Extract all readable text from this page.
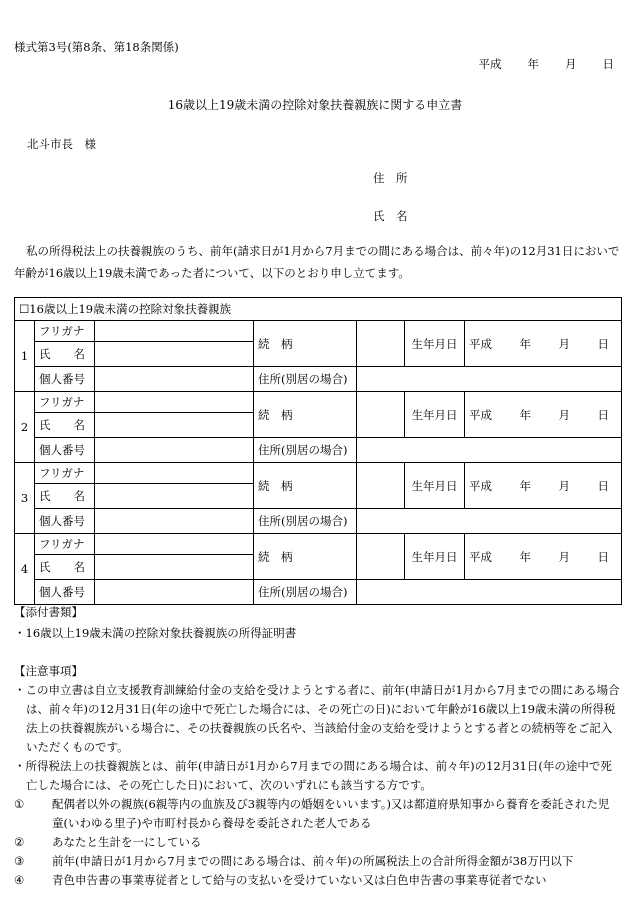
様式第3号(第8条、第18条関係)
平成 年 月 日
16歳以上19歳未満の控除対象扶養親族に関する申立書
北斗市長　様
住　所
氏　名
私の所得税法上の扶養親族のうち、前年(請求日が1月から7月までの間にある場合は、前々年)の12月31日においで年齢が16歳以上19歳未満であった者について、以下のとおり申し立てます。
☐16歳以上19歳未満の控除対象扶養親族						
1	フリガナ		続　柄		生年月日	平成 年 月 日

	氏　　名					
	個人番号		住所(別居の場合)			
2	フリガナ		続　柄		生年月日	平成 年 月 日

	氏　　名					
	個人番号		住所(別居の場合)			
3	フリガナ		続　柄		生年月日	平成 年 月 日

	氏　　名					
	個人番号		住所(別居の場合)			
4	フリガナ		続　柄		生年月日	平成 年 月 日

	氏　　名					
	個人番号		住所(別居の場合)			
【添付書類】
・16歳以上19歳未満の控除対象扶養親族の所得証明書
【注意事項】
・この申立書は自立支援教育訓練給付金の支給を受けようとする者に、前年(申請日が1月から7月までの間にある場合は、前々年)の12月31日(年の途中で死亡した場合には、その死亡の日)において年齢が16歳以上19歳未満の所得税法上の扶養親族がいる場合に、その扶養親族の氏名や、当該給付金の支給を受けようとする者との続柄等をご記入いただくものです。
・所得税法上の扶養親族とは、前年(申請日が1月から7月までの間にある場合は、前々年)の12月31日(年の途中で死亡した場合には、その死亡した日)において、次のいずれにも該当する方です。
① 配偶者以外の親族(6親等内の血族及び3親等内の婚姻をいいます。)又は都道府県知事から養育を委託された児童(いわゆる里子)や市町村長から養母を委託された老人である
② あなたと生計を一にしている
③ 前年(申請日が1月から7月までの間にある場合は、前々年)の所属税法上の合計所得金額が38万円以下
④ 青色申告書の事業専従者として給与の支払いを受けていない又は白色申告書の事業専従者でない
